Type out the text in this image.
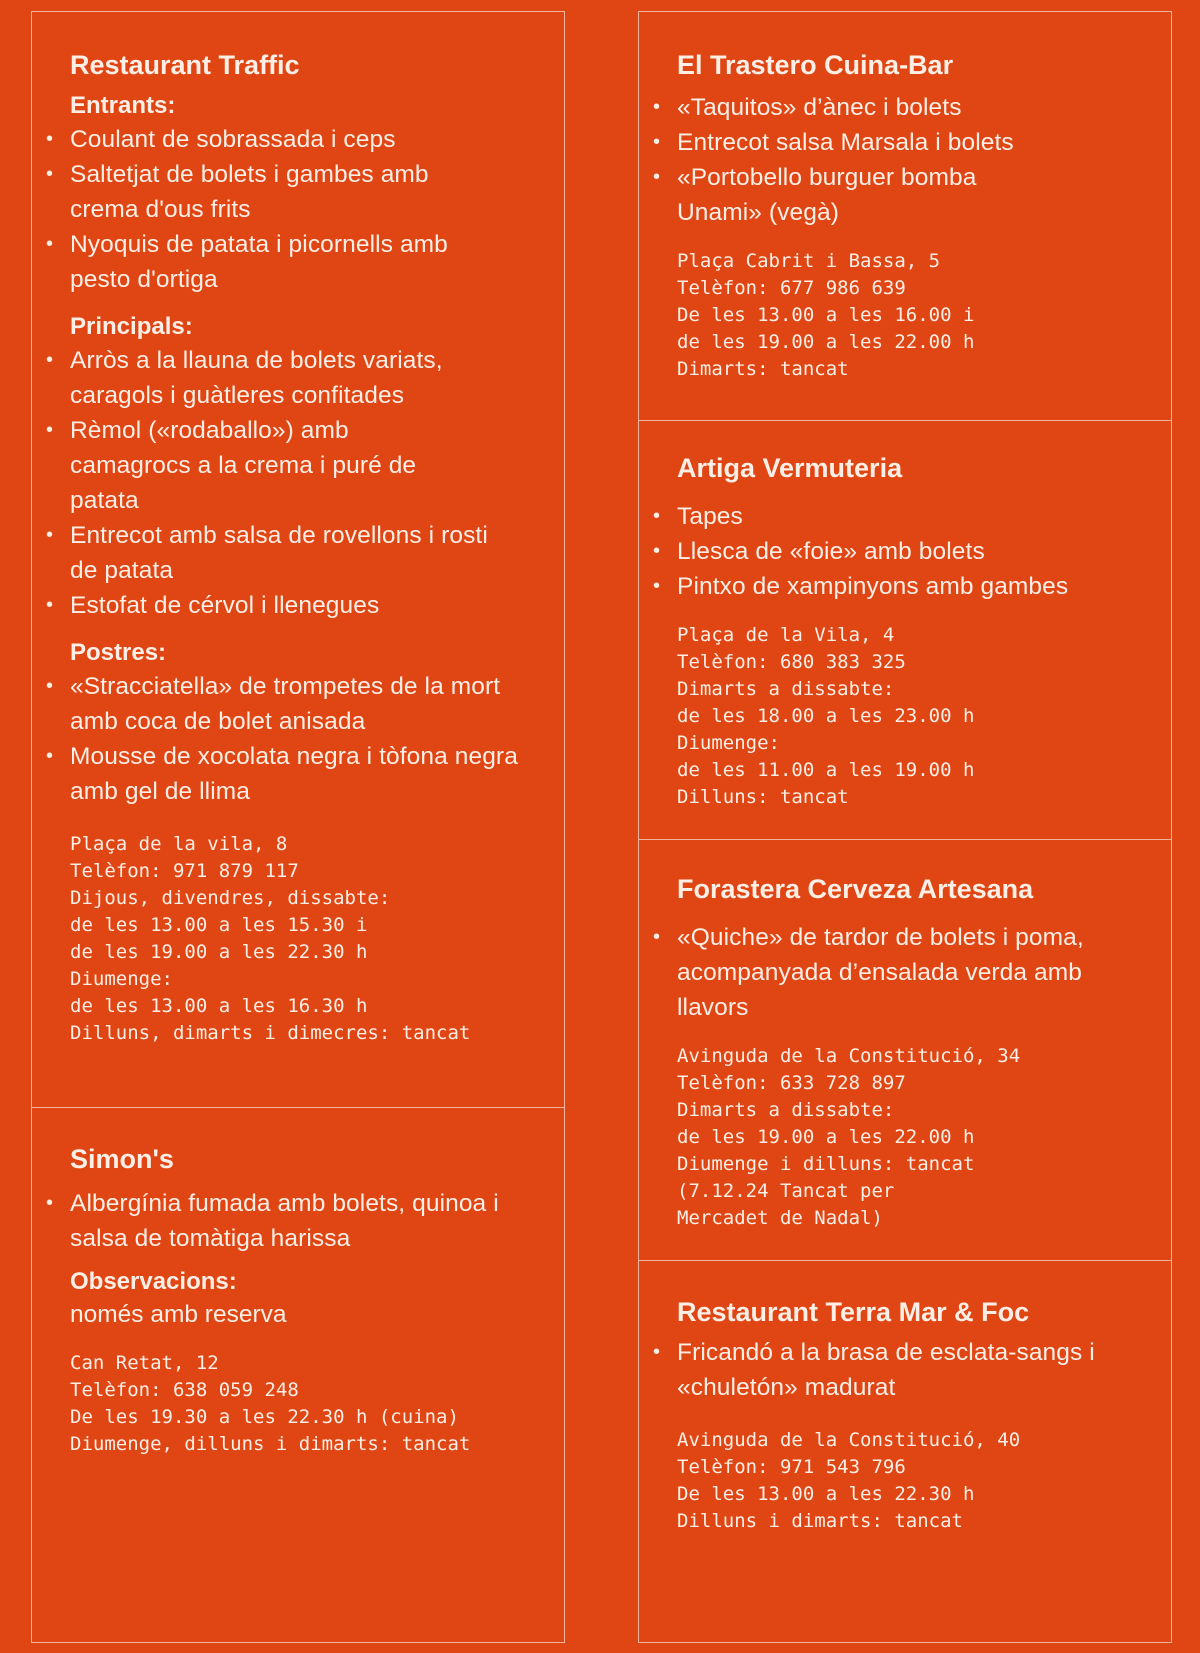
Restaurant Traffic
Entrants:
• Coulant de sobrassada i ceps
• Saltetjat de bolets i gambes amb crema d'ous frits
• Nyoquis de patata i picornells amb pesto d'ortiga
Principals:
• Arròs a la llauna de bolets variats, caragols i guàtleres confitades
• Rèmol («rodaballo») amb camagrocs a la crema i puré de patata
• Entrecot amb salsa de rovellons i rosti de patata
• Estofat de cérvol i llenegues
Postres:
• «Stracciatella» de trompetes de la mort amb coca de bolet anisada
• Mousse de xocolata negra i tòfona negra amb gel de llima
Plaça de la vila, 8
Telèfon: 971 879 117
Dijous, divendres, dissabte:
de les 13.00 a les 15.30 i
de les 19.00 a les 22.30 h
Diumenge:
de les 13.00 a les 16.30 h
Dilluns, dimarts i dimecres: tancat
Simon's
• Albergínia fumada amb bolets, quinoa i salsa de tomàtiga harissa
Observacions:
només amb reserva
Can Retat, 12
Telèfon: 638 059 248
De les 19.30 a les 22.30 h (cuina)
Diumenge, dilluns i dimarts: tancat
El Trastero Cuina-Bar
• «Taquitos» d’ànec i bolets
• Entrecot salsa Marsala i bolets
• «Portobello burguer bomba Unami» (vegà)
Plaça Cabrit i Bassa, 5
Telèfon: 677 986 639
De les 13.00 a les 16.00 i
de les 19.00 a les 22.00 h
Dimarts: tancat
Artiga Vermuteria
• Tapes
• Llesca de «foie» amb bolets
• Pintxo de xampinyons amb gambes
Plaça de la Vila, 4
Telèfon: 680 383 325
Dimarts a dissabte:
de les 18.00 a les 23.00 h
Diumenge:
de les 11.00 a les 19.00 h
Dilluns: tancat
Forastera Cerveza Artesana
• «Quiche» de tardor de bolets i poma, acompanyada d’ensalada verda amb llavors
Avinguda de la Constitució, 34
Telèfon: 633 728 897
Dimarts a dissabte:
de les 19.00 a les 22.00 h
Diumenge i dilluns: tancat
(7.12.24 Tancat per
Mercadet de Nadal)
Restaurant Terra Mar & Foc
• Fricandó a la brasa de esclata-sangs i «chuletón» madurat
Avinguda de la Constitució, 40
Telèfon: 971 543 796
De les 13.00 a les 22.30 h
Dilluns i dimarts: tancat
